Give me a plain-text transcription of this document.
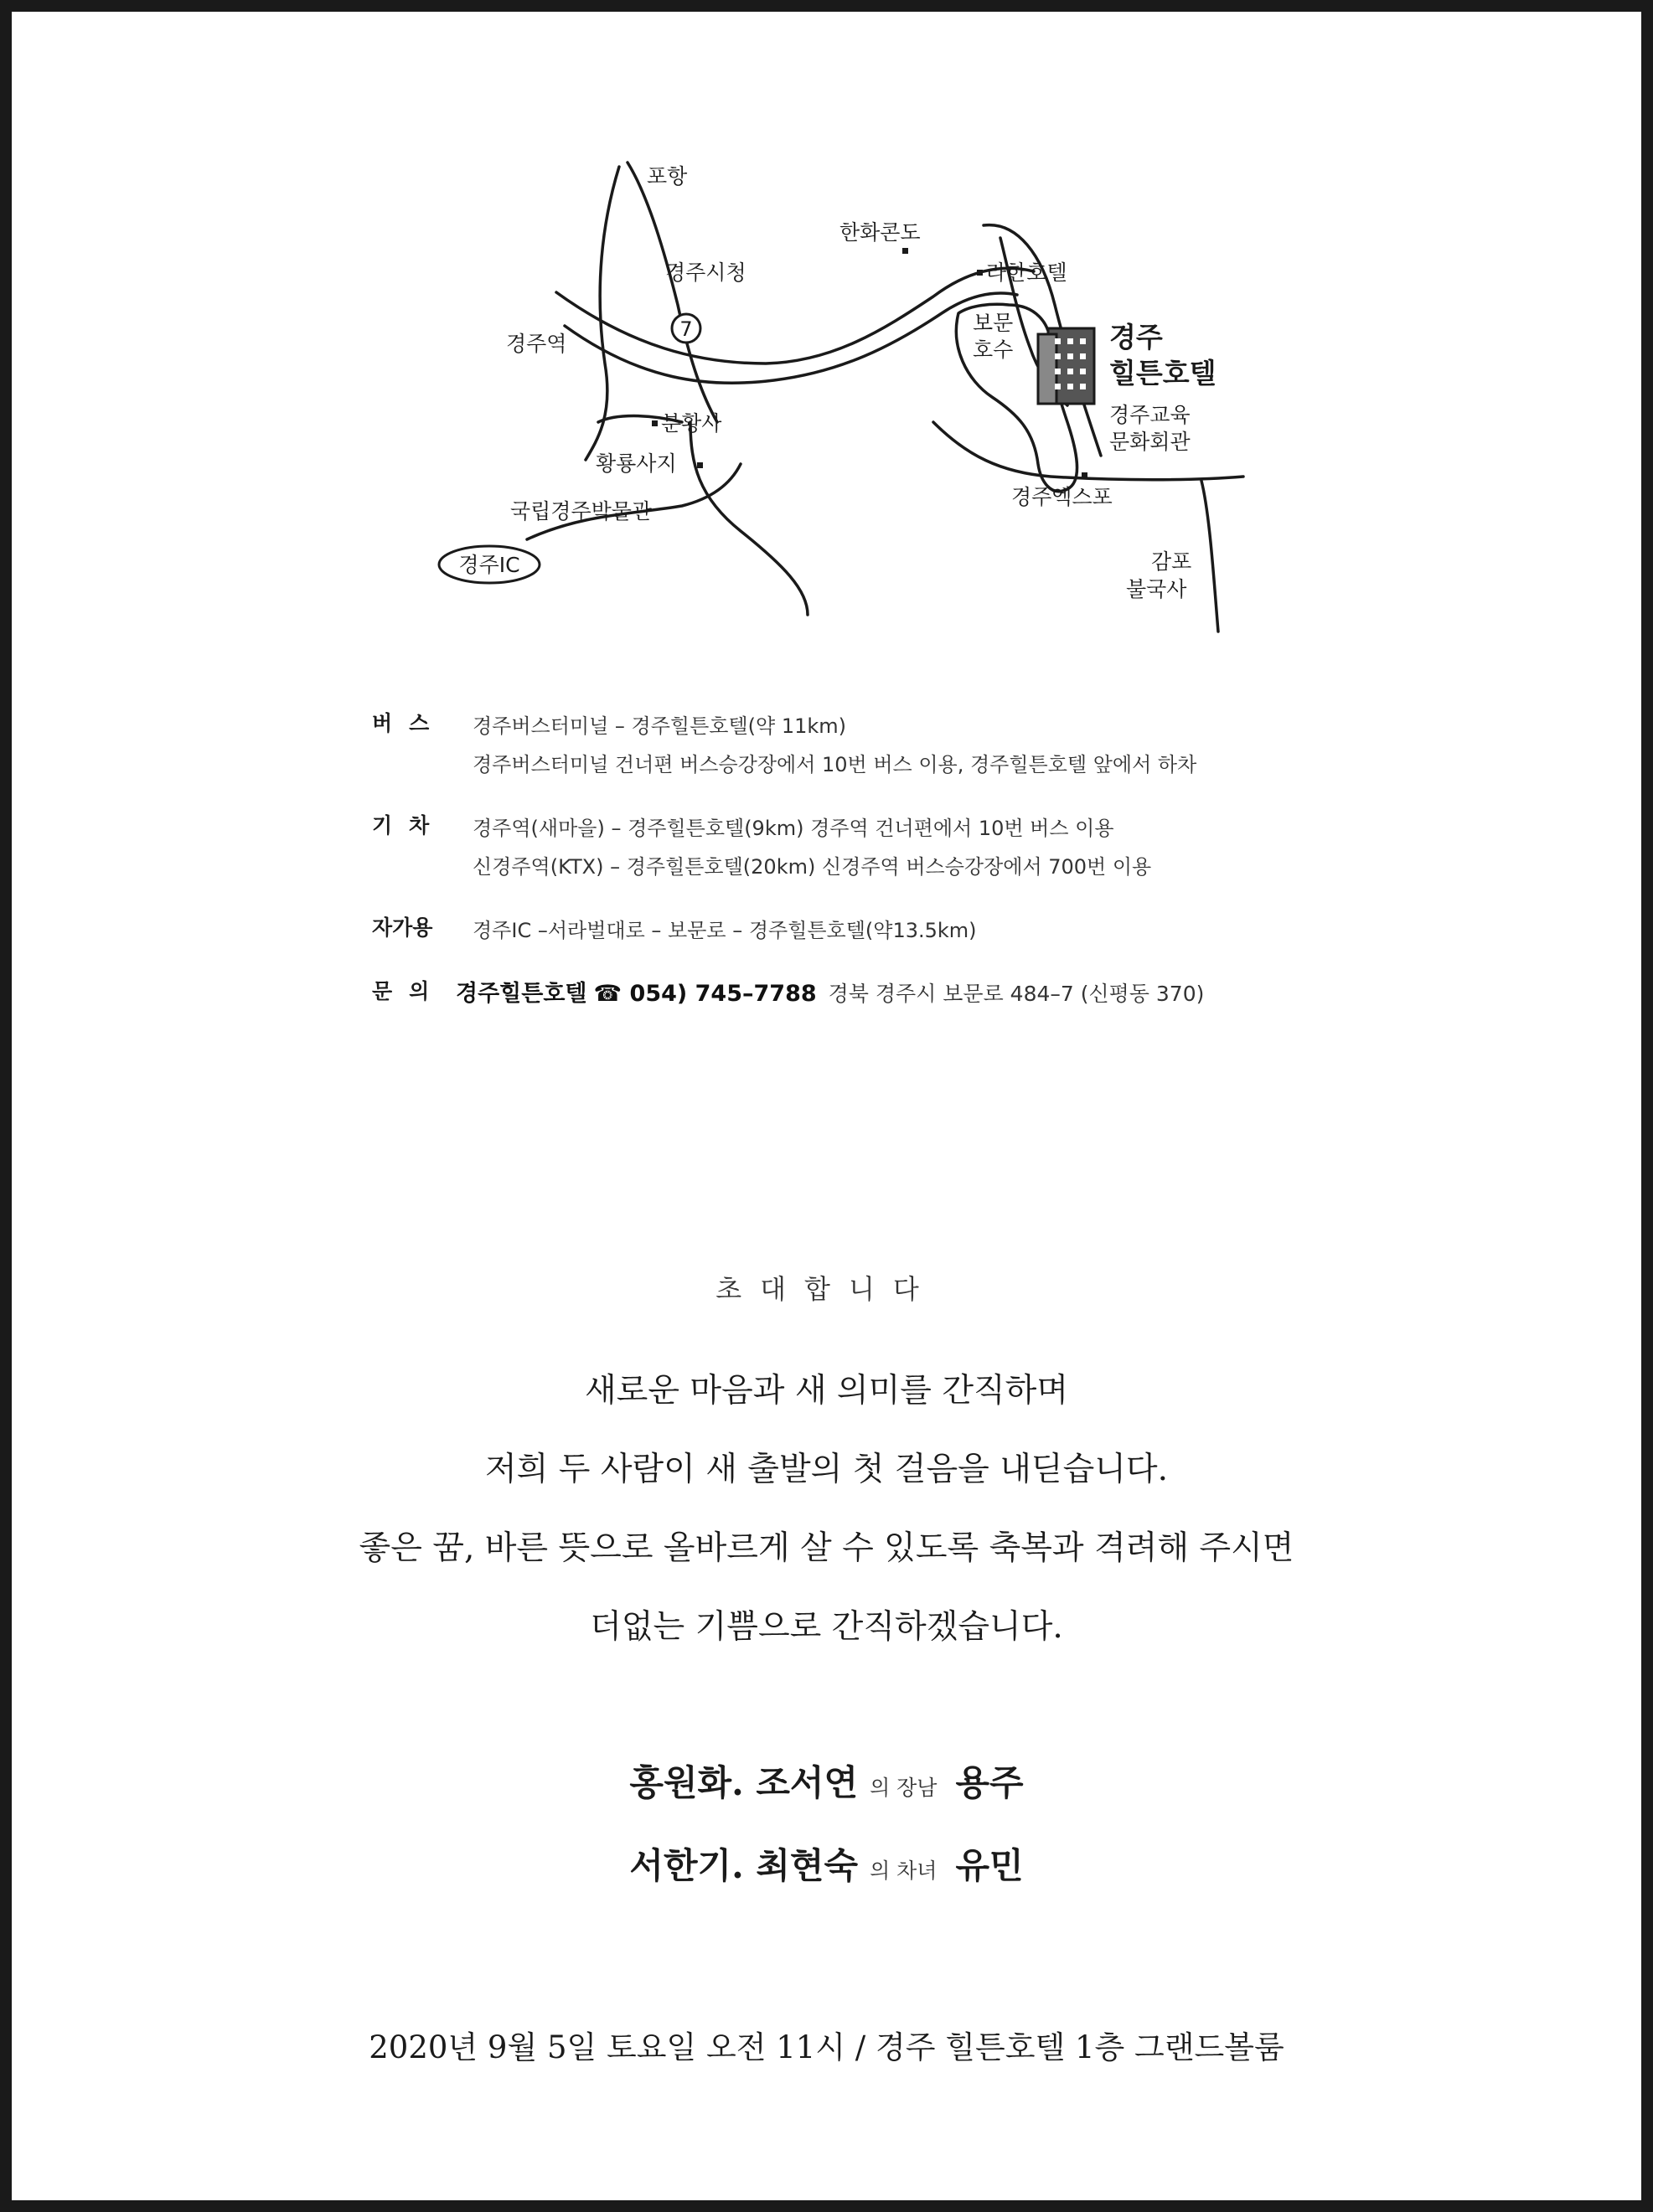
7
포항
경주시청
경주역
분황사
황룡사지
국립경주박물관
경주IC
한화콘도
라한호텔
보문
호수
경주교육
문화회관
경주엑스포
감포
불국사
경주
힐튼호텔
버스	경주버스터미널 – 경주힐튼호텔(약 11km)
경주버스터미널 건너편 버스승강장에서 10번 버스 이용, 경주힐튼호텔 앞에서 하차
기차	경주역(새마을) – 경주힐튼호텔(9km) 경주역 건너편에서 10번 버스 이용
신경주역(KTX) – 경주힐튼호텔(20km) 신경주역 버스승강장에서 700번 이용
자가용	경주IC –서라벌대로 – 보문로 – 경주힐튼호텔(약13.5km)
문의 경주힐튼호텔 ☎ 054) 745–7788 경북 경주시 보문로 484–7 (신평동 370)
초대합니다
새로운 마음과 새 의미를 간직하며
저희 두 사람이 새 출발의 첫 걸음을 내딛습니다.
좋은 꿈, 바른 뜻으로 올바르게 살 수 있도록 축복과 격려해 주시면
더없는 기쁨으로 간직하겠습니다.
홍원화. 조서연 의 장남 용주
서한기. 최현숙 의 차녀 유민
2020년 9월 5일 토요일 오전 11시 / 경주 힐튼호텔 1층 그랜드볼룸
